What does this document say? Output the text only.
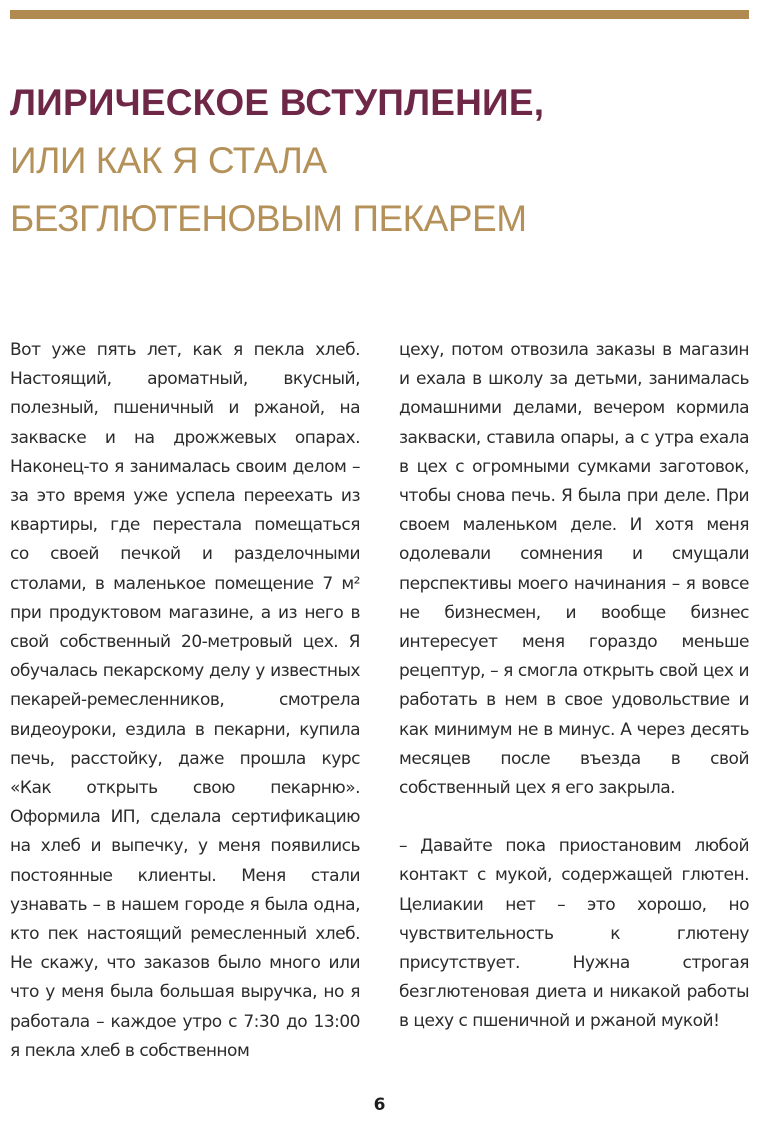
ЛИРИЧЕСКОЕ ВСТУПЛЕНИЕ,
ИЛИ КАК Я СТАЛА
БЕЗГЛЮТЕНОВЫМ ПЕКАРЕМ

Вот уже пять лет, как я пекла хлеб. Настоящий, ароматный, вкусный, полезный, пшеничный и ржаной, на закваске и на дрожжевых опарах. Наконец-то я занималась своим делом – за это время уже успела переехать из квартиры, где перестала помещаться со своей печкой и разделочными столами, в маленькое помещение 7 м² при продуктовом магазине, а из него в свой собственный 20-метровый цех. Я обучалась пекарскому делу у известных пекарей-ремесленников, смотрела видеоуроки, ездила в пекарни, купила печь, расстойку, даже прошла курс «Как открыть свою пекарню». Оформила ИП, сделала сертификацию на хлеб и выпечку, у меня появились постоянные клиенты. Меня стали узнавать – в нашем городе я была одна, кто пек настоящий ремесленный хлеб. Не скажу, что заказов было много или что у меня была большая выручка, но я работала – каждое утро с 7:30 до 13:00 я пекла хлеб в собственном

цеху, потом отвозила заказы в магазин и ехала в школу за детьми, занималась домашними делами, вечером кормила закваски, ставила опары, а с утра ехала в цех с огромными сумками заготовок, чтобы снова печь. Я была при деле. При своем маленьком деле. И хотя меня одолевали сомнения и смущали перспективы моего начинания – я вовсе не бизнесмен, и вообще бизнес интересует меня гораздо меньше рецептур, – я смогла открыть свой цех и работать в нем в свое удовольствие и как минимум не в минус. А через десять месяцев после въезда в свой собственный цех я его закрыла.

– Давайте пока приостановим любой контакт с мукой, содержащей глютен. Целиакии нет – это хорошо, но чувствительность к глютену присутствует. Нужна строгая безглютеновая диета и никакой работы в цеху с пшеничной и ржаной мукой!

6
